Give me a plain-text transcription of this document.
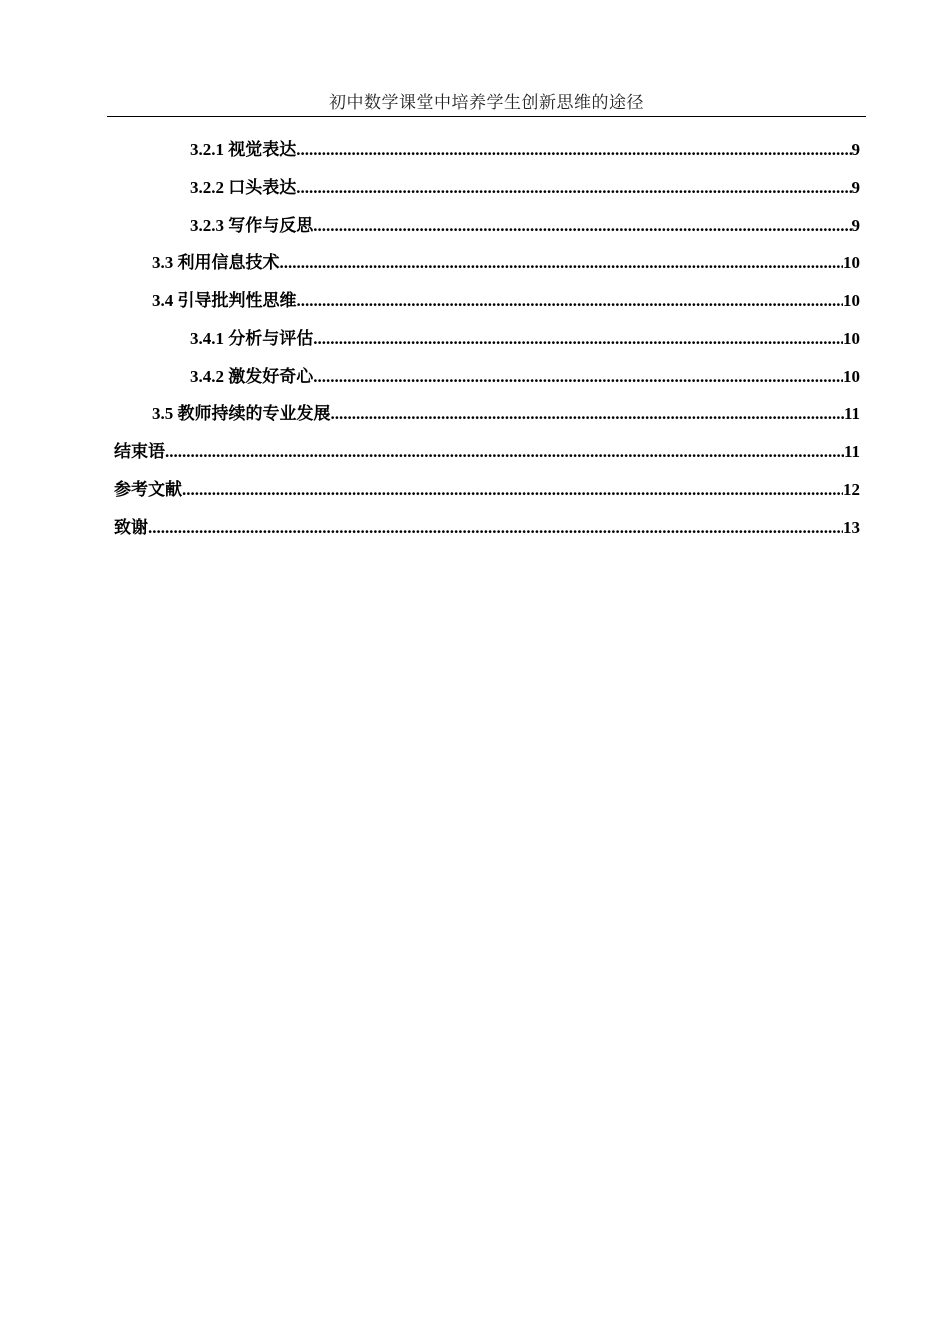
初中数学课堂中培养学生创新思维的途径
3.2.1 视觉表达 .....	9
3.2.2 口头表达 .....	9
3.2.3 写作与反思 .....	9
3.3 利用信息技术 .....	10
3.4 引导批判性思维 .....	10
3.4.1 分析与评估 .....	10
3.4.2 激发好奇心 .....	10
3.5 教师持续的专业发展 .....	11
结束语 .....	11
参考文献 .....	12
致谢 .....	13
